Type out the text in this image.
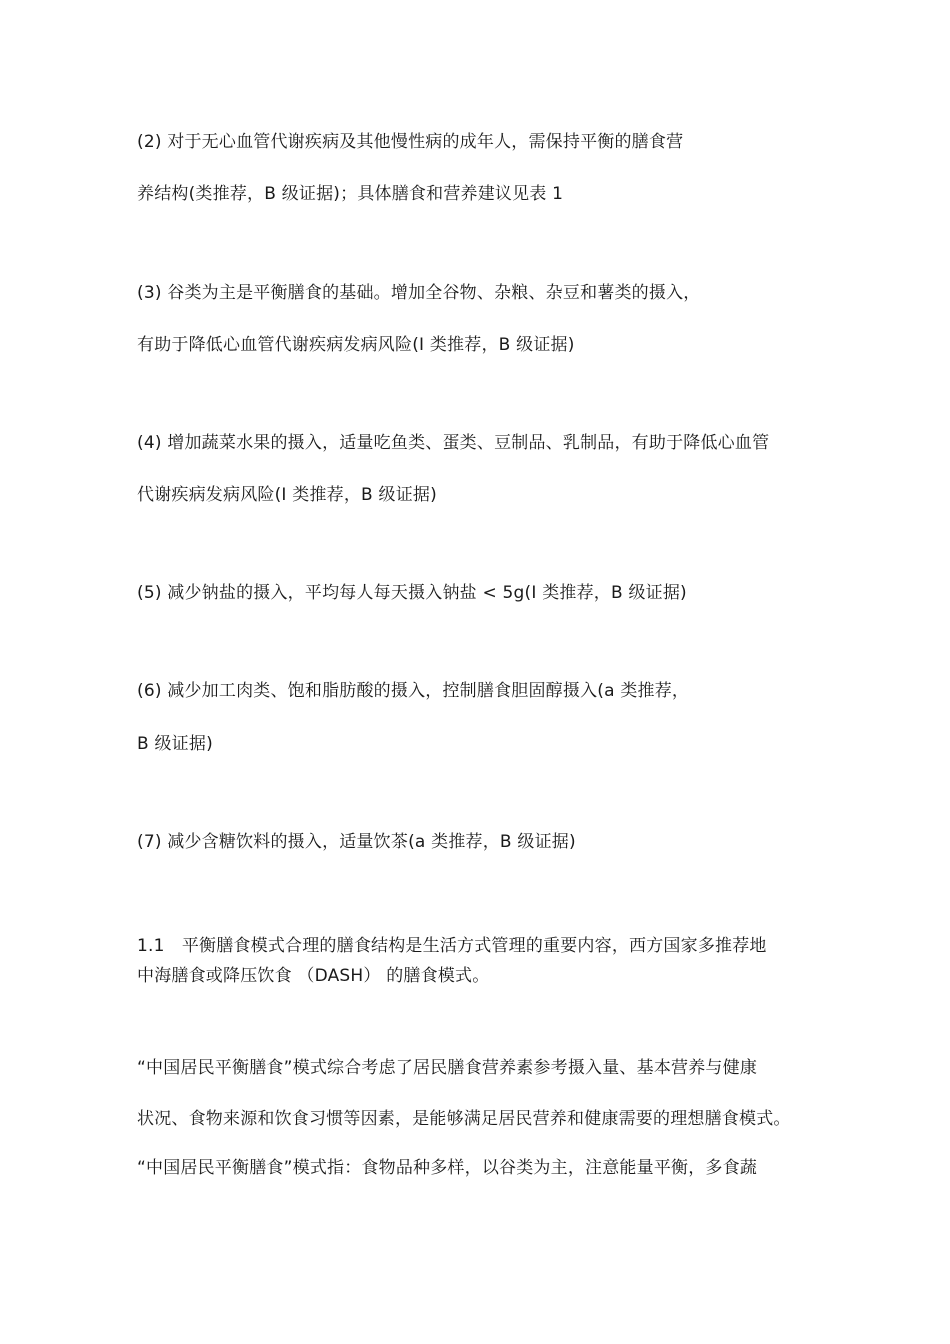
(2) 对于无心血管代谢疾病及其他慢性病的成年人，需保持平衡的膳食营
养结构(类推荐，B 级证据)；具体膳食和营养建议见表 1
(3) 谷类为主是平衡膳食的基础。增加全谷物、杂粮、杂豆和薯类的摄入，
有助于降低心血管代谢疾病发病风险(I 类推荐，B 级证据)
(4) 增加蔬菜水果的摄入，适量吃鱼类、蛋类、豆制品、乳制品，有助于降低心血管
代谢疾病发病风险(I 类推荐，B 级证据)
(5) 减少钠盐的摄入，平均每人每天摄入钠盐 < 5g(I 类推荐，B 级证据)
(6) 减少加工肉类、饱和脂肪酸的摄入，控制膳食胆固醇摄入(a 类推荐，
B 级证据)
(7) 减少含糖饮料的摄入，适量饮茶(a 类推荐，B 级证据)
1.1　平衡膳食模式合理的膳食结构是生活方式管理的重要内容，西方国家多推荐地
中海膳食或降压饮食 （DASH） 的膳食模式。
“中国居民平衡膳食”模式综合考虑了居民膳食营养素参考摄入量、基本营养与健康
状况、食物来源和饮食习惯等因素，是能够满足居民营养和健康需要的理想膳食模式。
“中国居民平衡膳食”模式指：食物品种多样，以谷类为主，注意能量平衡，多食蔬
